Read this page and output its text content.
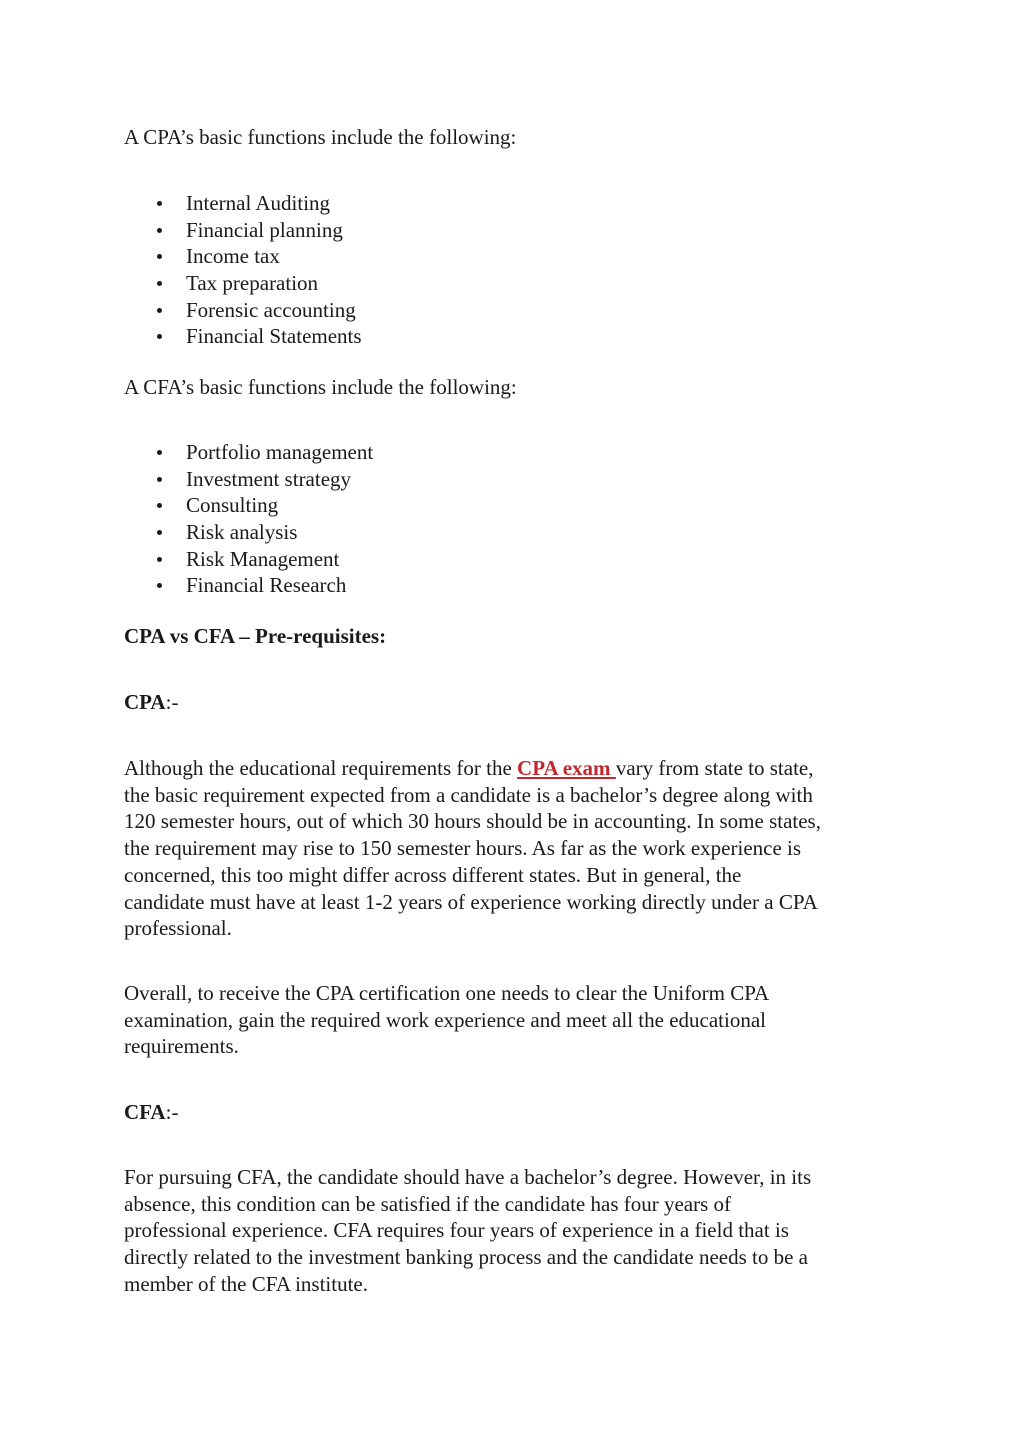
A CPA’s basic functions include the following:

Internal Auditing
Financial planning
Income tax
Tax preparation
Forensic accounting
Financial Statements

A CFA’s basic functions include the following:

Portfolio management
Investment strategy
Consulting
Risk analysis
Risk Management
Financial Research
CPA vs CFA – Pre-requisites:
CPA:-

Although the educational requirements for the CPA exam vary from state to state,
the basic requirement expected from a candidate is a bachelor’s degree along with
120 semester hours, out of which 30 hours should be in accounting. In some states,
the requirement may rise to 150 semester hours. As far as the work experience is
concerned, this too might differ across different states. But in general, the
candidate must have at least 1-2 years of experience working directly under a CPA
professional.

Overall, to receive the CPA certification one needs to clear the Uniform CPA
examination, gain the required work experience and meet all the educational
requirements.

CFA:-

For pursuing CFA, the candidate should have a bachelor’s degree. However, in its
absence, this condition can be satisfied if the candidate has four years of
professional experience. CFA requires four years of experience in a field that is
directly related to the investment banking process and the candidate needs to be a
member of the CFA institute.
